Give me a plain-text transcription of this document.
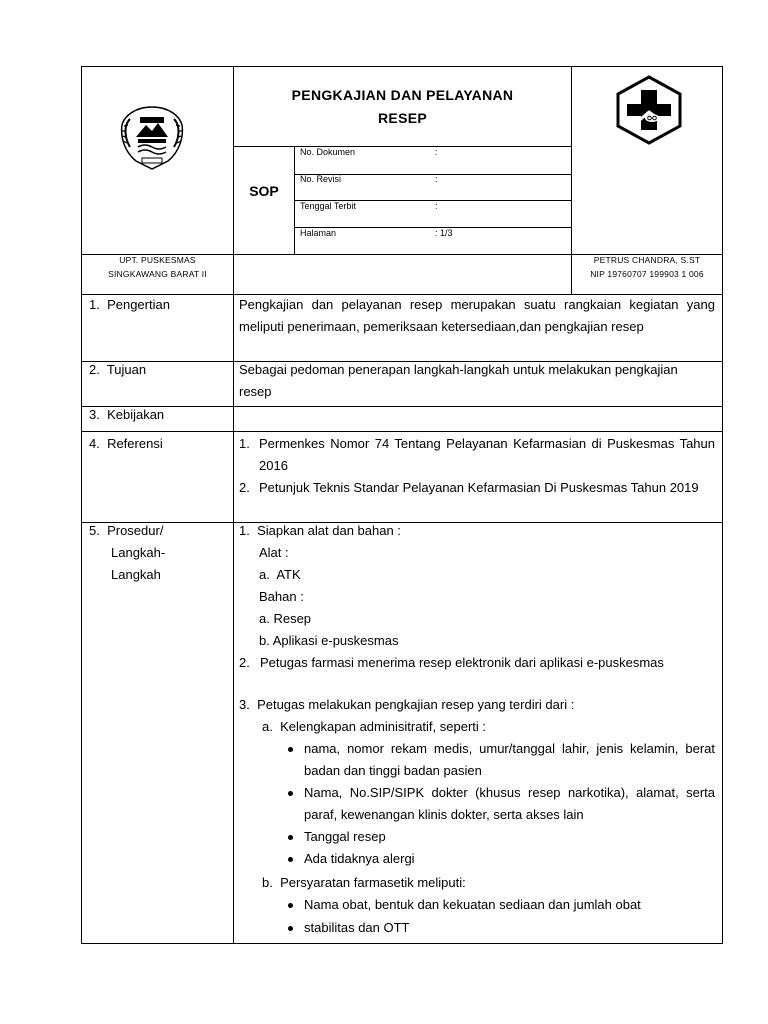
PENGKAJIAN DAN PELAYANAN
RESEP
SOP
No. Dokumen	:
No. Revisi	:
Tenggal Terbit	:
Halaman	: 1/3
UPT. PUSKESMAS
SINGKAWANG BARAT II
PETRUS CHANDRA, S.ST
NIP 19760707 199903 1 006
1.  Pengertian	Pengkajian dan pelayanan resep merupakan suatu rangkaian kegiatan yang meliputi penerimaan, pemeriksaan ketersediaan,dan pengkajian resep
2.  Tujuan	Sebagai pedoman penerapan langkah-langkah untuk melakukan pengkajian resep
3.  Kebijakan
4.  Referensi	1. Permenkes Nomor 74 Tentang Pelayanan Kefarmasian di Puskesmas Tahun 2016
2. Petunjuk Teknis Standar Pelayanan Kefarmasian Di Puskesmas Tahun 2019
5.  Prosedur/
Langkah-
Langkah
1.  Siapkan alat dan bahan :
Alat :
a.  ATK
Bahan :
a. Resep
b. Aplikasi e-puskesmas
2. Petugas farmasi menerima resep elektronik dari aplikasi e-puskesmas
3.  Petugas melakukan pengkajian resep yang terdiri dari :
a.  Kelengkapan adminisitratif, seperti :
nama, nomor rekam medis, umur/tanggal lahir, jenis kelamin, berat badan dan tinggi badan pasien
Nama, No.SIP/SIPK dokter (khusus resep narkotika), alamat, serta paraf, kewenangan klinis dokter, serta akses lain
Tanggal resep
Ada tidaknya alergi
b.  Persyaratan farmasetik meliputi:
Nama obat, bentuk dan kekuatan sediaan dan jumlah obat
stabilitas dan OTT
